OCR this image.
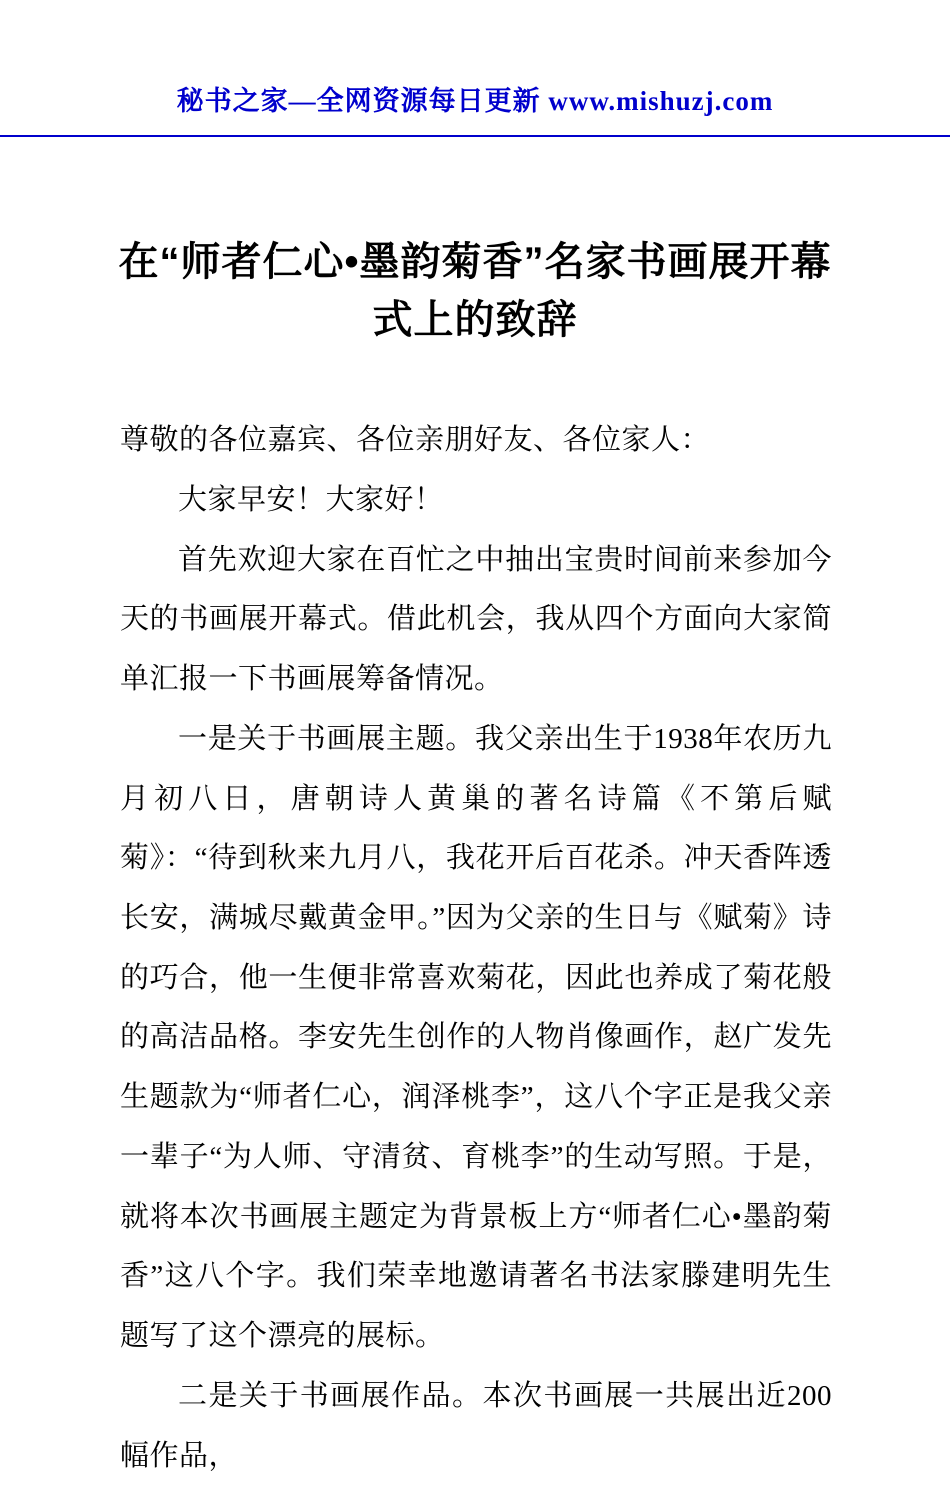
秘书之家—全网资源每日更新 www.mishuzj.com
在“师者仁心•墨韵菊香”名家书画展开幕式上的致辞

尊敬的各位嘉宾、各位亲朋好友、各位家人：

大家早安！大家好！

首先欢迎大家在百忙之中抽出宝贵时间前来参加今天的书画展开幕式。借此机会，我从四个方面向大家简单汇报一下书画展筹备情况。

一是关于书画展主题。我父亲出生于1938年农历九月初八日，唐朝诗人黄巢的著名诗篇《不第后赋菊》：“待到秋来九月八，我花开后百花杀。冲天香阵透长安，满城尽戴黄金甲。”因为父亲的生日与《赋菊》诗的巧合，他一生便非常喜欢菊花，因此也养成了菊花般的高洁品格。李安先生创作的人物肖像画作，赵广发先生题款为“师者仁心，润泽桃李”，这八个字正是我父亲一辈子“为人师、守清贫、育桃李”的生动写照。于是，就将本次书画展主题定为背景板上方“师者仁心•墨韵菊香”这八个字。我们荣幸地邀请著名书法家滕建明先生题写了这个漂亮的展标。

二是关于书画展作品。本次书画展一共展出近200幅作品，
